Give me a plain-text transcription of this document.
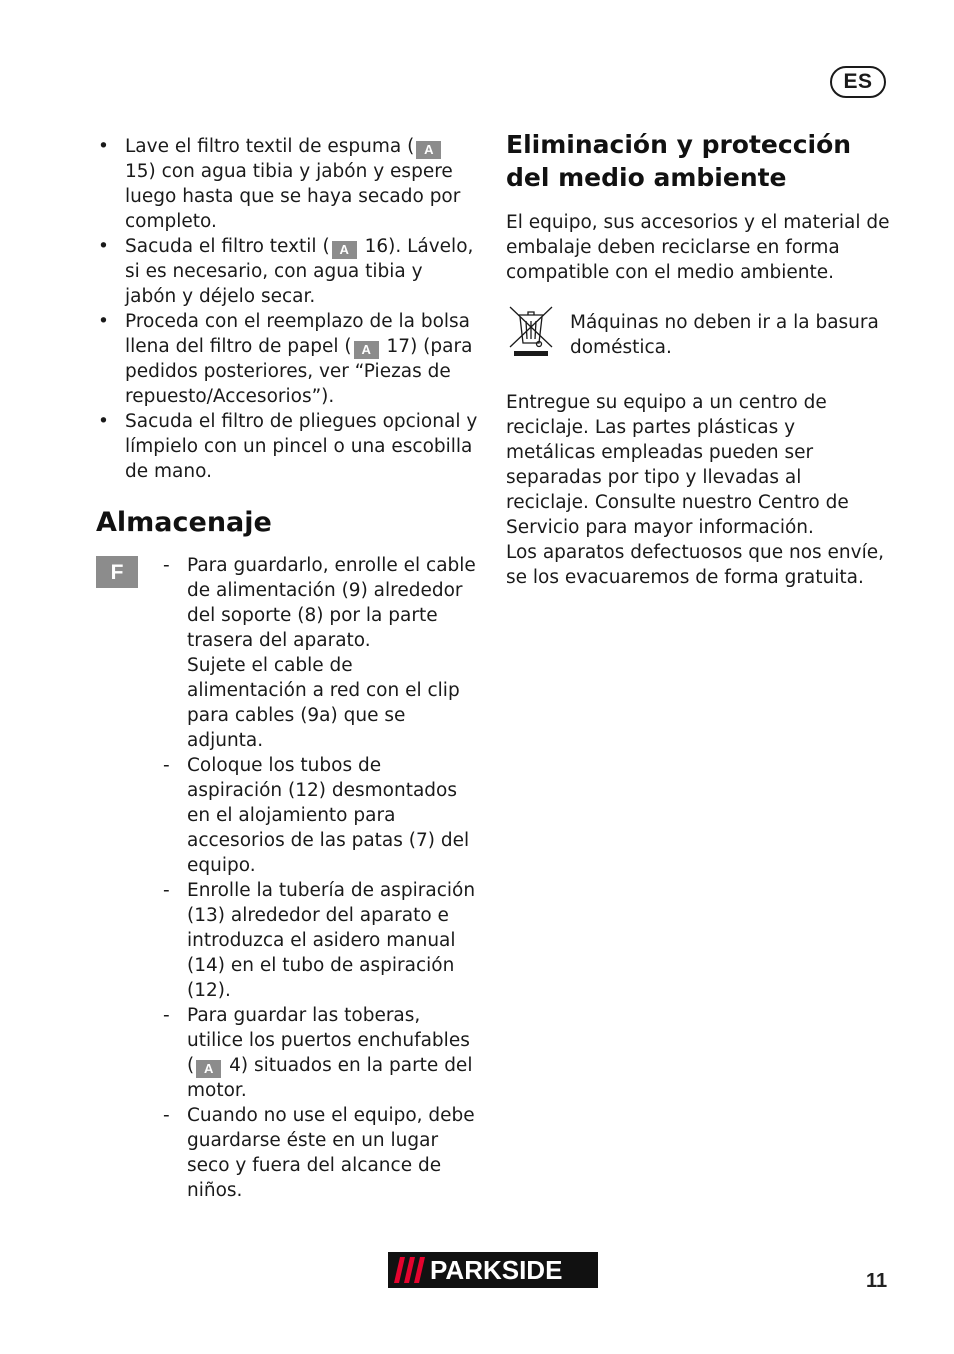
ES
• Lave el filtro textil de espuma ( A 15) con agua tibia y jabón y espere luego hasta que se haya secado por completo.
• Sacuda el filtro textil ( A 16). Lávelo, si es necesario, con agua tibia y jabón y déjelo secar.
• Proceda con el reemplazo de la bolsa llena del filtro de papel ( A 17) (para pedidos posteriores, ver “Piezas de repuesto/Accesorios”).
• Sacuda el filtro de pliegues opcional y límpielo con un pincel o una escobilla de mano.
Almacenaje
F
-	Para guardarlo, enrolle el cable de alimentación (9) alrededor del soporte (8) por la parte trasera del aparato.
Sujete el cable de alimentación a red con el clip para cables (9a) que se adjunta.
- Coloque los tubos de aspiración (12) desmontados en el alojamiento para accesorios de las patas (7) del equipo.
- Enrolle la tubería de aspiración (13) alrededor del aparato e introduzca el asidero manual (14) en el tubo de aspiración (12).
- Para guardar las toberas, utilice los puertos enchufables ( A 4) situados en la parte del motor.
- Cuando no use el equipo, debe guardarse éste en un lugar seco y fuera del alcance de niños.
Eliminación y protección del medio ambiente

El equipo, sus accesorios y el material de embalaje deben reciclarse en forma compatible con el medio ambiente.

Máquinas no deben ir a la basura doméstica.

Entregue su equipo a un centro de reciclaje. Las partes plásticas y metálicas empleadas pueden ser separadas por tipo y llevadas al reciclaje. Consulte nuestro Centro de Servicio para mayor información.

Los aparatos defectuosos que nos envíe, se los evacuaremos de forma gratuita.

PARKSIDE	®
11
